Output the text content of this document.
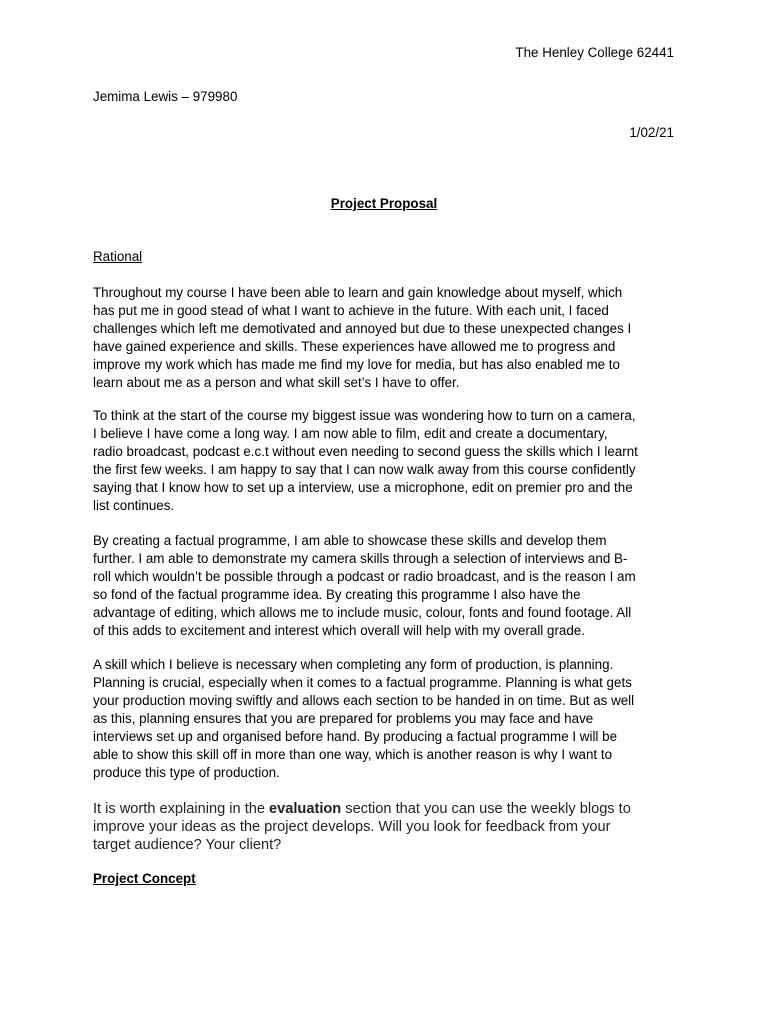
The Henley College 62441
Jemima Lewis – 979980
1/02/21
Project Proposal
Rational
Throughout my course I have been able to learn and gain knowledge about myself, which
has put me in good stead of what I want to achieve in the future. With each unit, I faced
challenges which left me demotivated and annoyed but due to these unexpected changes I
have gained experience and skills. These experiences have allowed me to progress and
improve my work which has made me find my love for media, but has also enabled me to
learn about me as a person and what skill set’s I have to offer.
To think at the start of the course my biggest issue was wondering how to turn on a camera,
I believe I have come a long way. I am now able to film, edit and create a documentary,
radio broadcast, podcast e.c.t without even needing to second guess the skills which I learnt
the first few weeks. I am happy to say that I can now walk away from this course confidently
saying that I know how to set up a interview, use a microphone, edit on premier pro and the
list continues.
By creating a factual programme, I am able to showcase these skills and develop them
further. I am able to demonstrate my camera skills through a selection of interviews and B-
roll which wouldn’t be possible through a podcast or radio broadcast, and is the reason I am
so fond of the factual programme idea. By creating this programme I also have the
advantage of editing, which allows me to include music, colour, fonts and found footage. All
of this adds to excitement and interest which overall will help with my overall grade.
A skill which I believe is necessary when completing any form of production, is planning.
Planning is crucial, especially when it comes to a factual programme. Planning is what gets
your production moving swiftly and allows each section to be handed in on time. But as well
as this, planning ensures that you are prepared for problems you may face and have
interviews set up and organised before hand. By producing a factual programme I will be
able to show this skill off in more than one way, which is another reason is why I want to
produce this type of production.
It is worth explaining in the evaluation section that you can use the weekly blogs to
improve your ideas as the project develops. Will you look for feedback from your
target audience? Your client?
Project Concept
